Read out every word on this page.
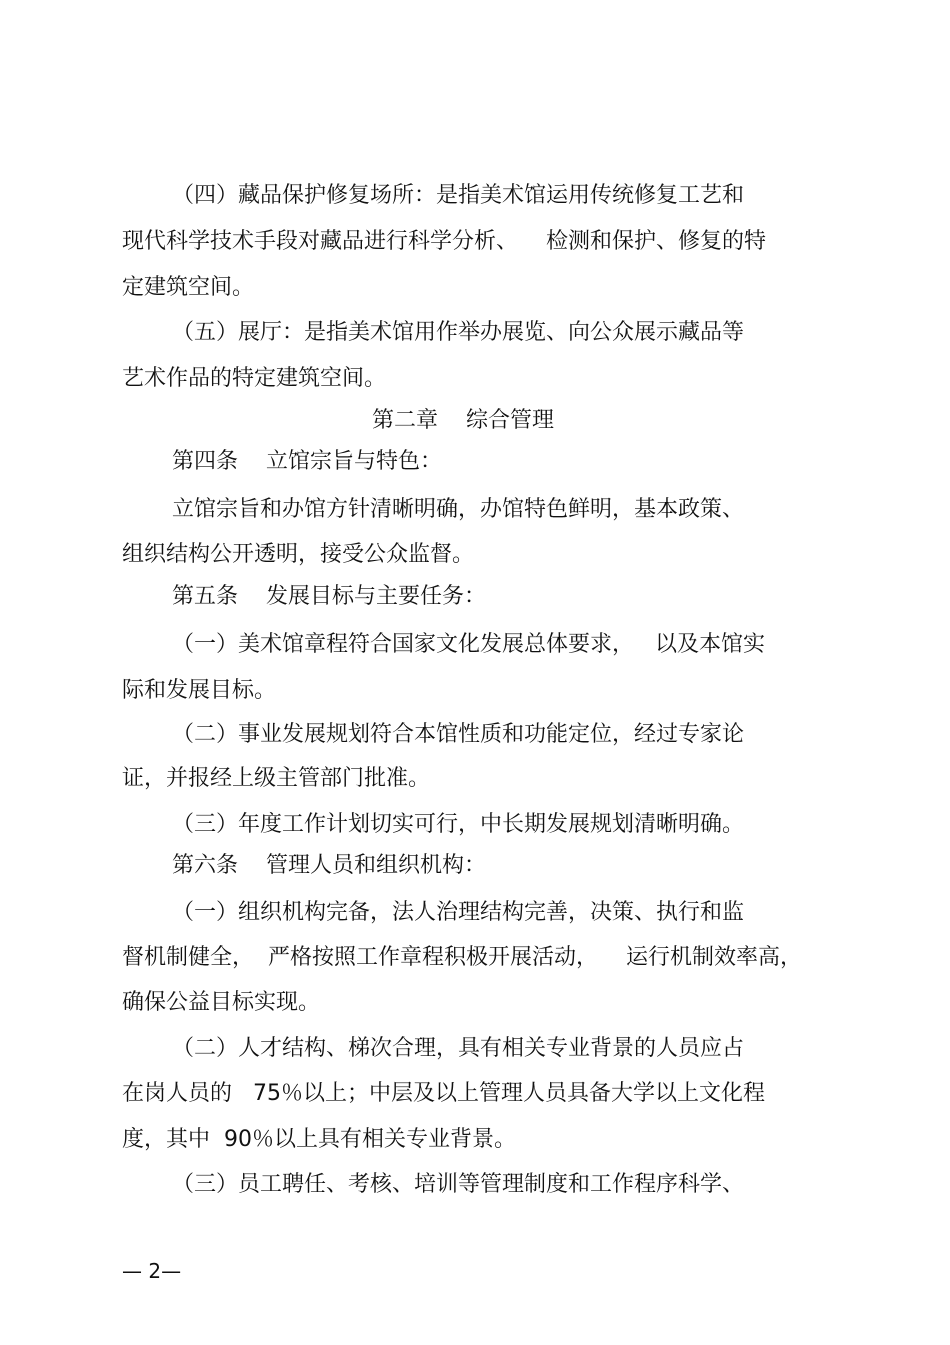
（四）藏品保护修复场所：是指美术馆运用传统修复工艺和
现代科学技术手段对藏品进行科学分析、    检测和保护、修复的特
定建筑空间。
（五）展厅：是指美术馆用作举办展览、向公众展示藏品等
艺术作品的特定建筑空间。
第二章    综合管理
第四条    立馆宗旨与特色：
立馆宗旨和办馆方针清晰明确，办馆特色鲜明，基本政策、
组织结构公开透明，接受公众监督。
第五条    发展目标与主要任务：
（一）美术馆章程符合国家文化发展总体要求，   以及本馆实
际和发展目标。
（二）事业发展规划符合本馆性质和功能定位，经过专家论
证，并报经上级主管部门批准。
（三）年度工作计划切实可行，中长期发展规划清晰明确。
第六条    管理人员和组织机构：
（一）组织机构完备，法人治理结构完善，决策、执行和监
督机制健全，  严格按照工作章程积极开展活动，    运行机制效率高，
确保公益目标实现。
（二）人才结构、梯次合理，具有相关专业背景的人员应占
在岗人员的   75％以上；中层及以上管理人员具备大学以上文化程
度，其中  90％以上具有相关专业背景。
（三）员工聘任、考核、培训等管理制度和工作程序科学、
— 2—
